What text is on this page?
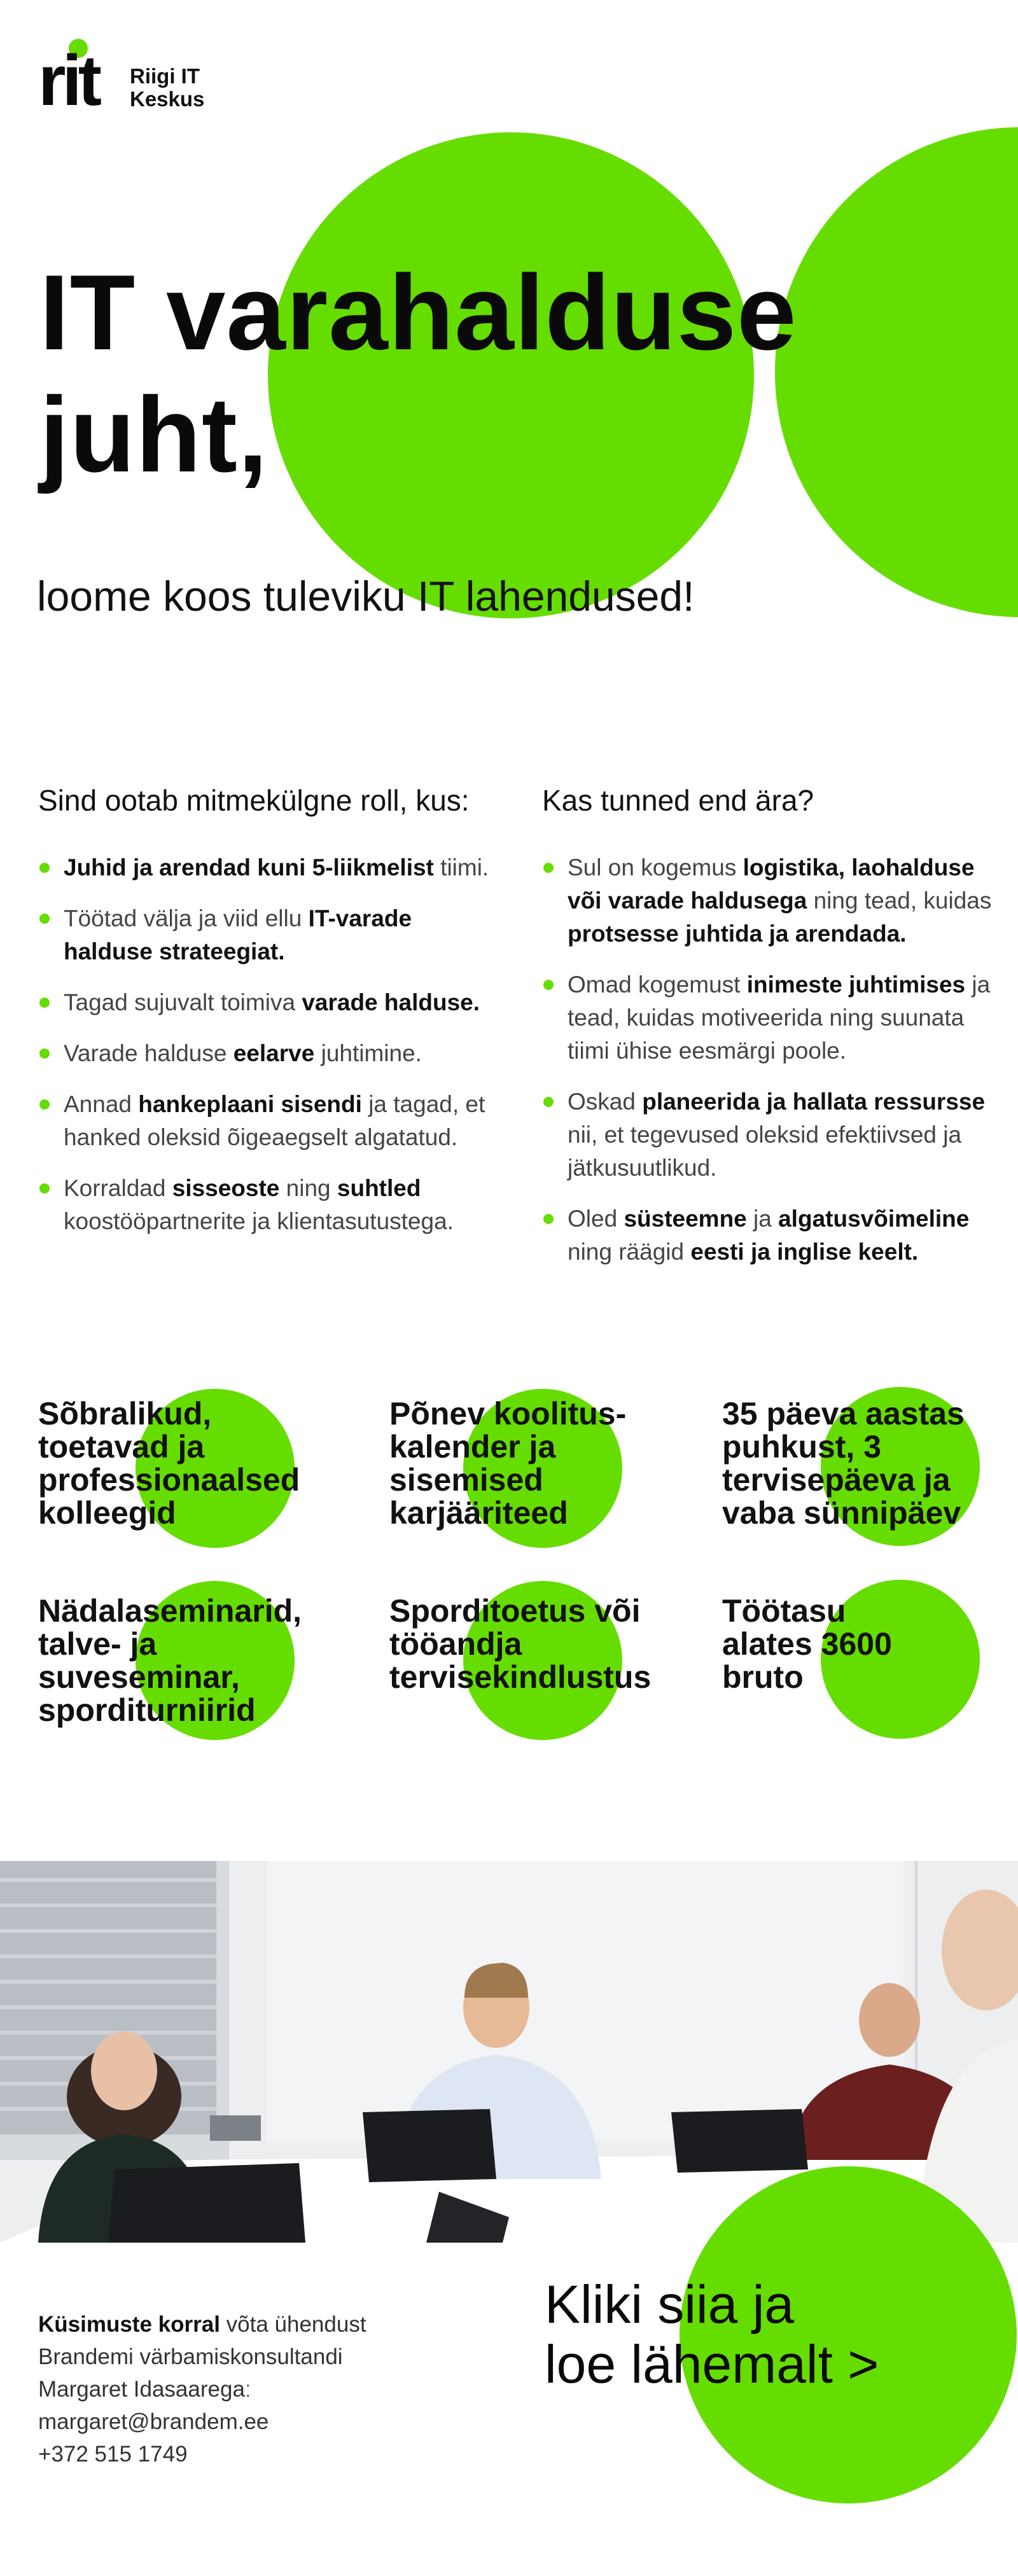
rit Riigi IT
Keskus
IT varahalduse
juht,
loome koos tuleviku IT lahendused!
Sind ootab mitmekülgne roll, kus:
Juhid ja arendad kuni 5-liikmelist tiimi.
Töötad välja ja viid ellu IT-varade halduse strateegiat.
Tagad sujuvalt toimiva varade halduse.
Varade halduse eelarve juhtimine.
Annad hankeplaani sisendi ja tagad, et hanked oleksid õigeaegselt algatatud.
Korraldad sisseoste ning suhtled koostööpartnerite ja klientasutustega.
Kas tunned end ära?
Sul on kogemus logistika, laohalduse või varade haldusega ning tead, kuidas protsesse juhtida ja arendada.
Omad kogemust inimeste juhtimises ja tead, kuidas motiveerida ning suunata tiimi ühise eesmärgi poole.
Oskad planeerida ja hallata ressursse nii, et tegevused oleksid efektiivsed ja jätkusuutlikud.
Oled süsteemne ja algatusvõimeline ning räägid eesti ja inglise keelt.
Sõbralikud,
toetavad ja
professionaalsed
kolleegid
Põnev koolitus-
kalender ja
sisemised
karjääriteed
35 päeva aastas
puhkust, 3
tervisepäeva ja
vaba sünnipäev
Nädalaseminarid,
talve- ja
suveseminar,
sporditurniirid
Sporditoetus või
tööandja
tervisekindlustus
Töötasu
alates 3600
bruto
Küsimuste korral võta ühendust
Brandemi värbamiskonsultandi
Margaret Idasaaregaː
margaret@brandem.ee
+372 515 1749
Kliki siia ja
loe lähemalt >
